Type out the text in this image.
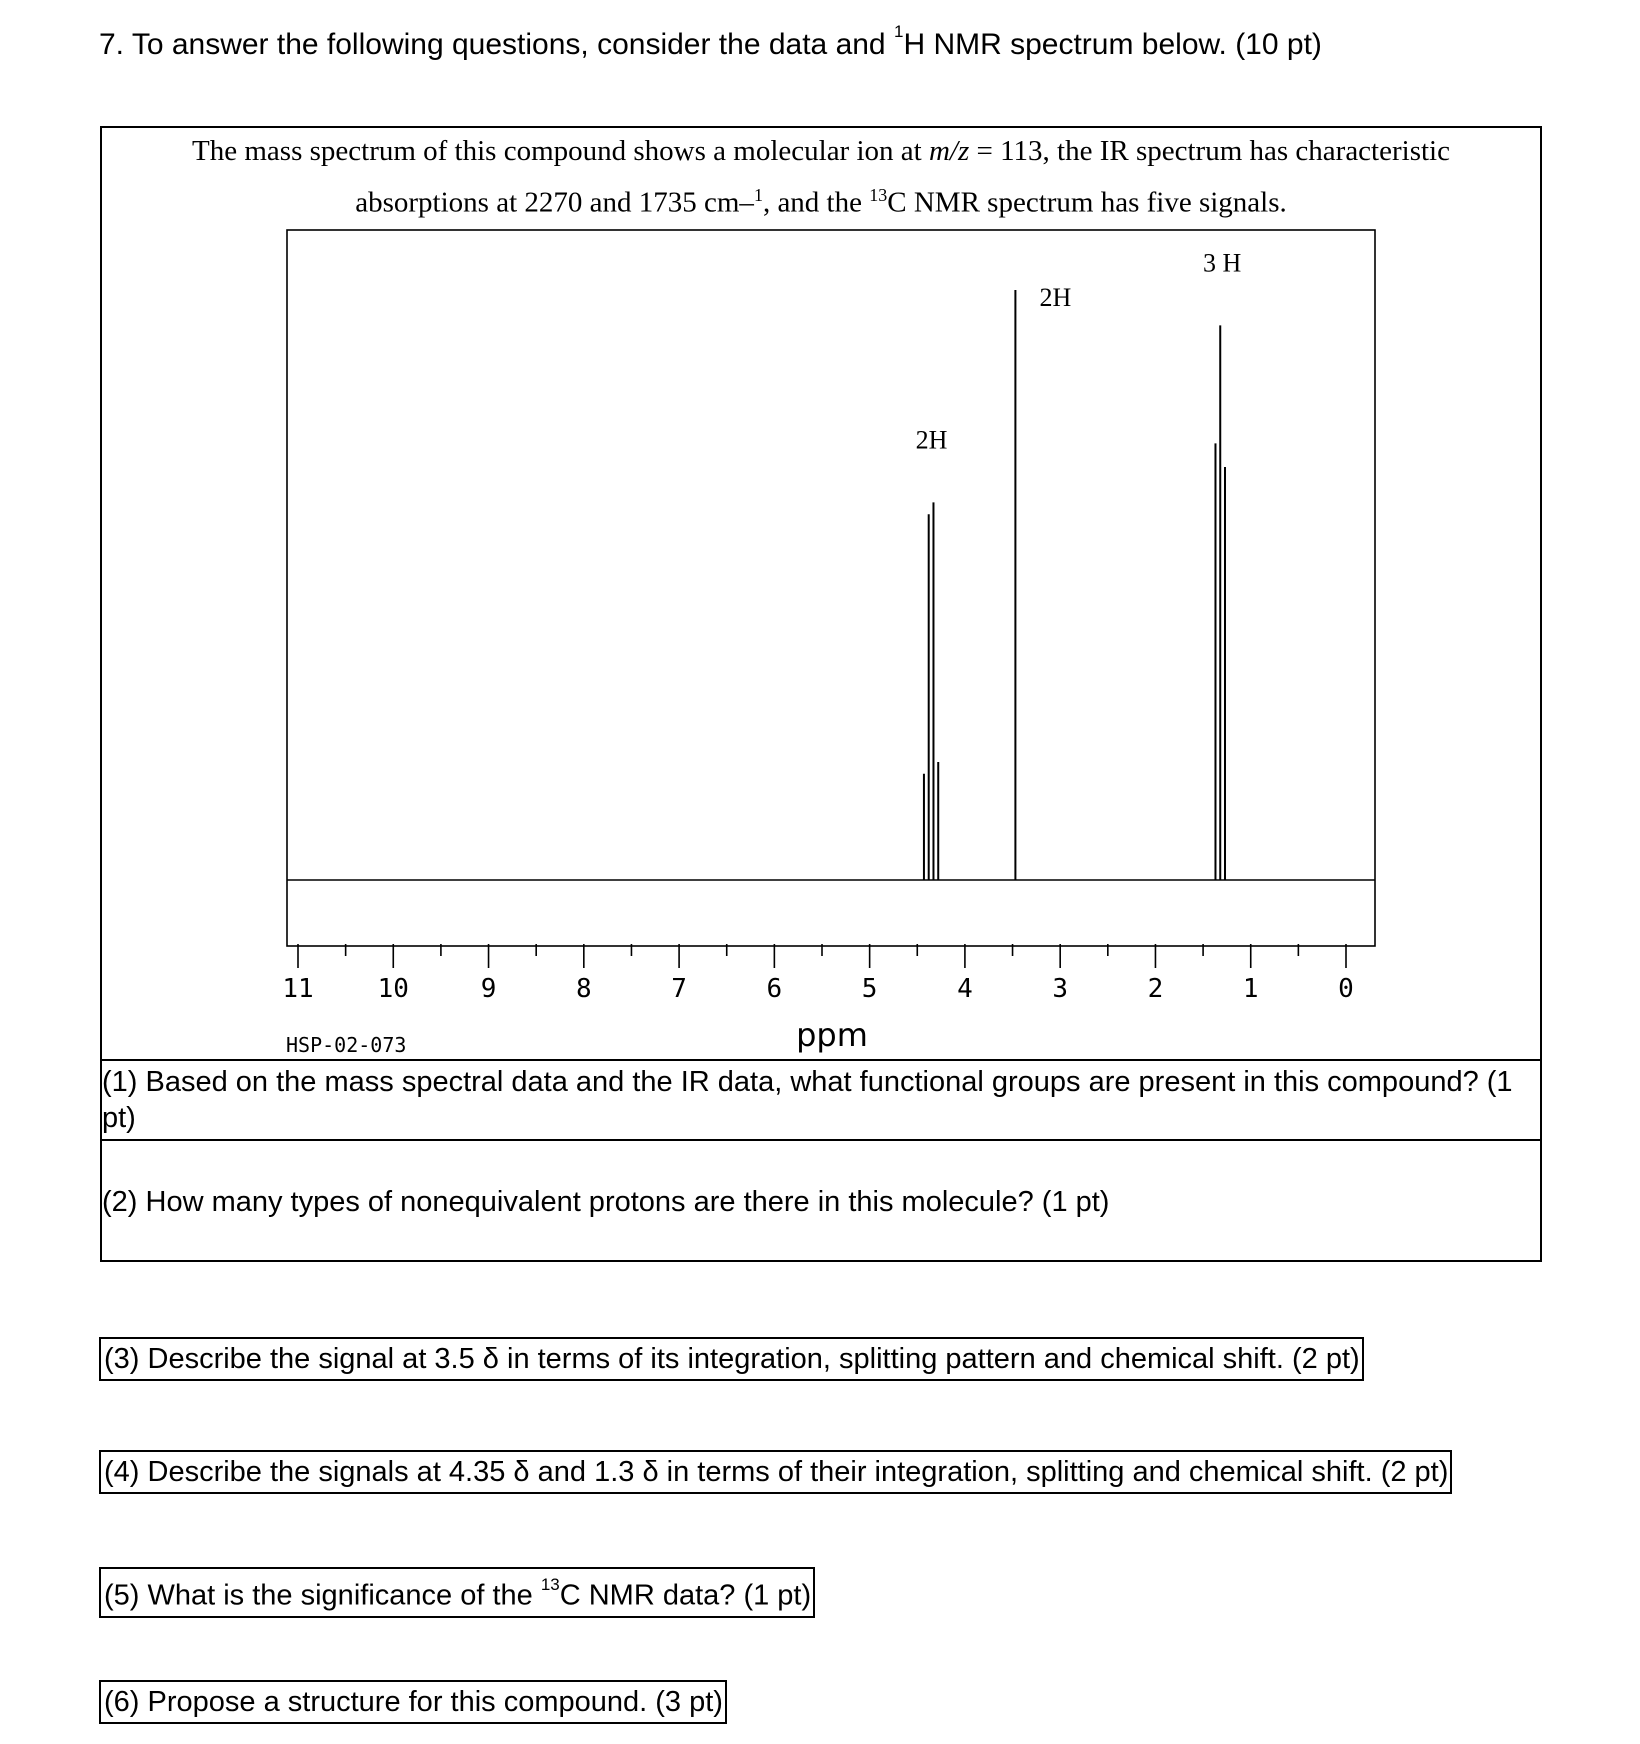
7. To answer the following questions, consider the data and $^1$H NMR spectrum below. (10 pt)
The mass spectrum of this compound shows a molecular ion at m/z = 113, the IR spectrum has characteristic
absorptions at 2270 and 1735 cm–$^1$, and the $^{13}$C NMR spectrum has five signals.
11 10	9	8	7	6	5	4	3	2	1	0
2H
2H
3 H
HSP-02-073	ppm
(1) Based on the mass spectral data and the IR data, what functional groups are present in this compound? (1 pt)
(2) How many types of nonequivalent protons are there in this molecule? (1 pt)
(3) Describe the signal at 3.5 δ in terms of its integration, splitting pattern and chemical shift. (2 pt)
(4) Describe the signals at 4.35 δ and 1.3 δ in terms of their integration, splitting and chemical shift. (2 pt)
(5) What is the significance of the $^{13}$C NMR data? (1 pt)
(6) Propose a structure for this compound. (3 pt)
